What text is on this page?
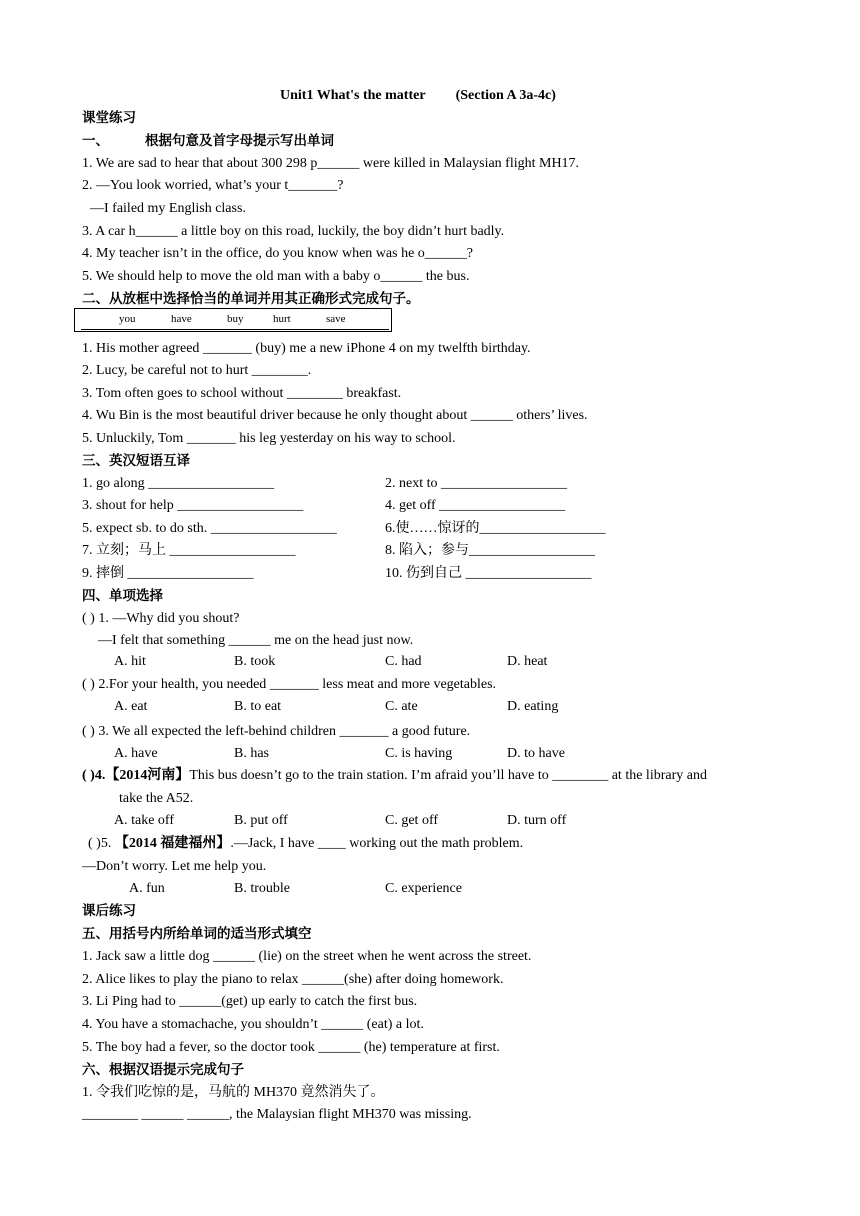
Unit1 What's the matter (Section A 3a-4c)
课堂练习
一、	根据句意及首字母提示写出单词
1. We are sad to hear that about 300 298 p______ were killed in Malaysian flight MH17.
2. —You look worried, what’s your t_______?
—I failed my English class.
3. A car h______ a little boy on this road, luckily, the boy didn’t hurt badly.
4. My teacher isn’t in the office, do you know when was he o______?
5. We should help to move the old man with a baby o______ the bus.
二、从放框中选择恰当的单词并用其正确形式完成句子。
you	have	buy	hurt	save
1. His mother agreed _______ (buy) me a new iPhone 4 on my twelfth birthday.
2. Lucy, be careful not to hurt ________.
3. Tom often goes to school without ________ breakfast.
4. Wu Bin is the most beautiful driver because he only thought about ______ others’ lives.
5. Unluckily, Tom _______ his leg yesterday on his way to school.
三、英汉短语互译
1. go along __________________	2. next to __________________
3. shout for help __________________	4. get off __________________
5. expect sb. to do sth. __________________	6.使……惊讶的__________________
7. 立刻；马上 __________________	8. 陷入；参与__________________
9. 摔倒 __________________	10. 伤到自己 __________________
四、单项选择
( ) 1. —Why did you shout?
—I felt that something ______ me on the head just now.
A. hit	B. took	C. had	D. heat
( ) 2.For your health, you needed _______ less meat and more vegetables.
A. eat	B. to eat	C. ate	D. eating
( ) 3. We all expected the left-behind children _______ a good future.
A. have	B. has	C. is having	D. to have
( )4.【2014河南】This bus doesn’t go to the train station. I’m afraid you’ll have to ________ at the library and
take the A52.
A. take off	B. put off	C. get off	D. turn off
( )5. 【2014 福建福州】.—Jack, I have ____ working out the math problem.
—Don’t worry. Let me help you.
A. fun	B. trouble	C. experience
课后练习
五、用括号内所给单词的适当形式填空
1. Jack saw a little dog ______ (lie) on the street when he went across the street.
2. Alice likes to play the piano to relax ______(she) after doing homework.
3. Li Ping had to ______(get) up early to catch the first bus.
4. You have a stomachache, you shouldn’t ______ (eat) a lot.
5. The boy had a fever, so the doctor took ______ (he) temperature at first.
六、根据汉语提示完成句子
1. 令我们吃惊的是，马航的 MH370 竟然消失了。
________ ______ ______, the Malaysian flight MH370 was missing.
